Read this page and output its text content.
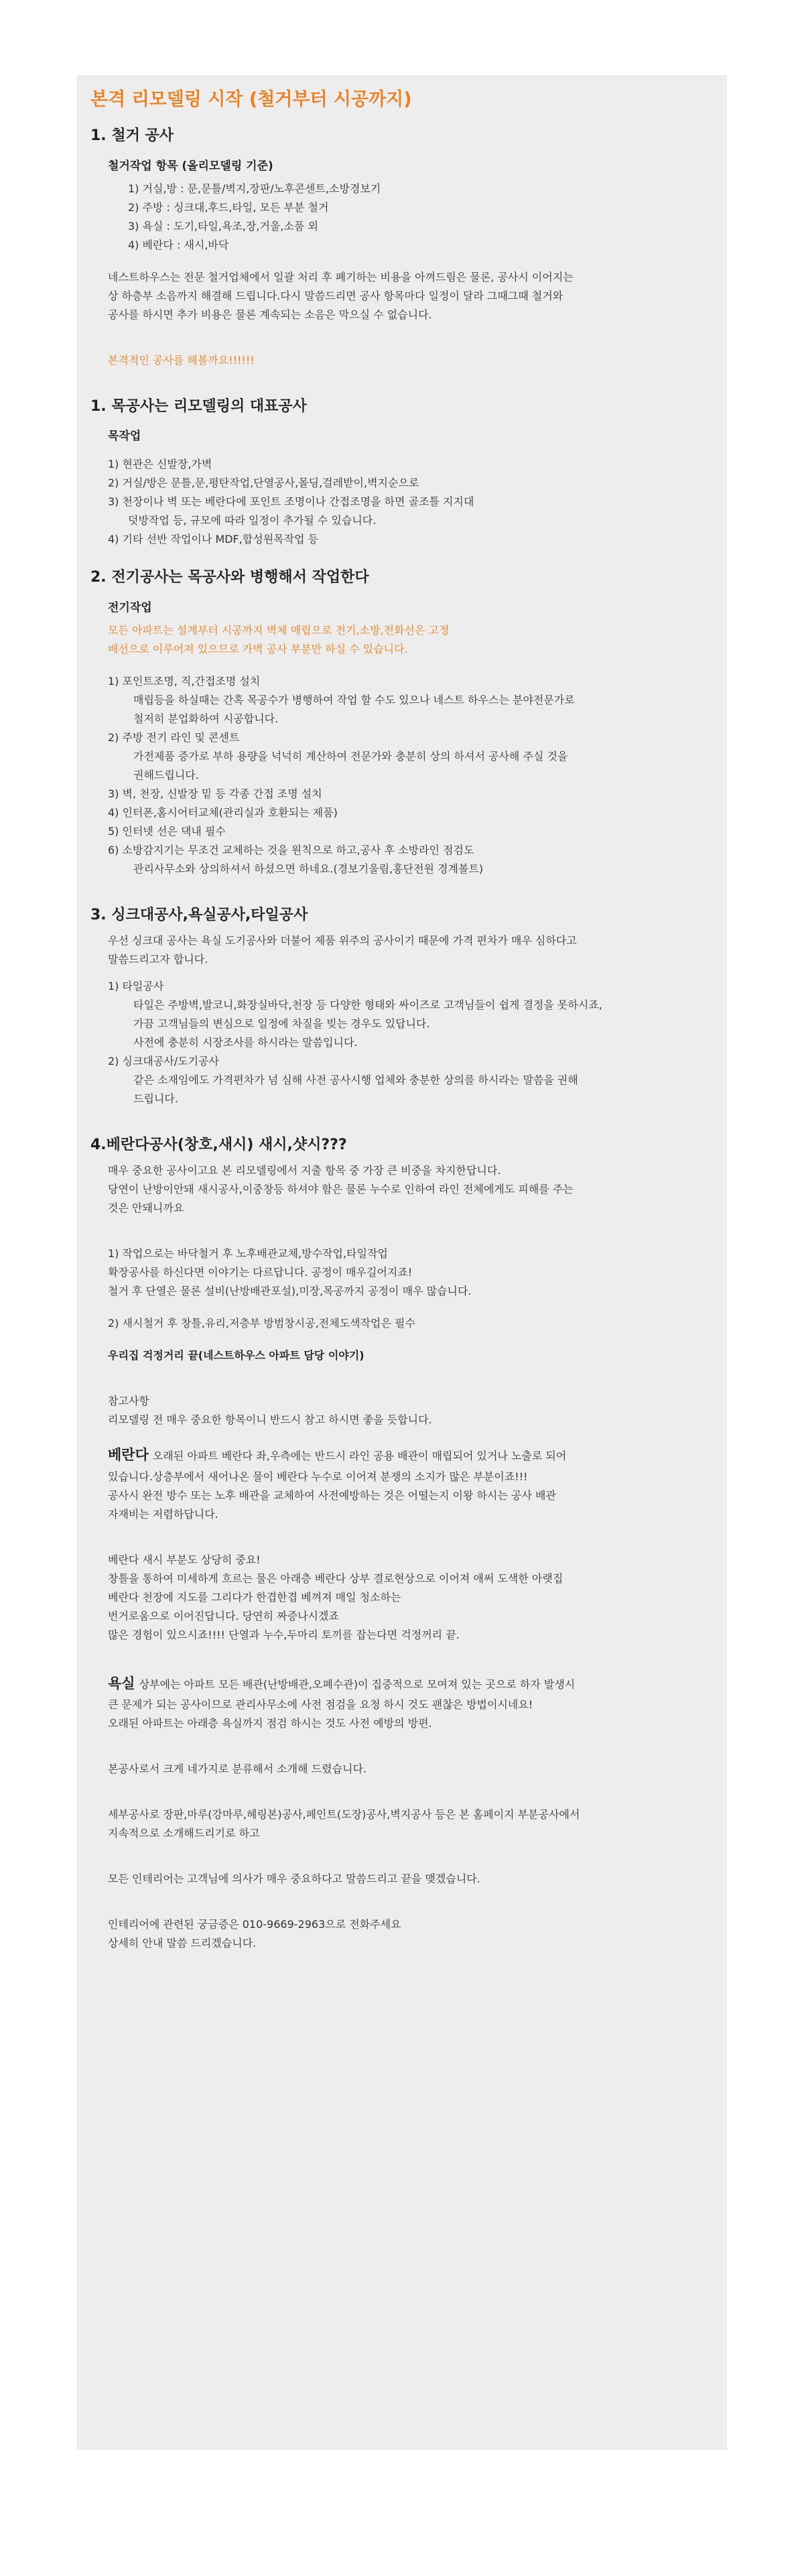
본격 리모델링 시작 (철거부터 시공까지)
1. 철거 공사
철거작업 항목 (올리모델링 기준)
1) 거실,방 : 문,문틀/벽지,장판/노후콘센트,소방경보기
2) 주방 : 싱크대,후드,타일, 모든 부분 철거
3) 욕실 : 도기,타일,욕조,장,거울,소품 외
4) 베란다 : 새시,바닥
네스트하우스는 전문 철거업체에서 일괄 처리 후 폐기하는 비용을 아껴드림은 물론, 공사시 이어지는
상 하층부 소음까지 해결해 드립니다.다시 말씀드리면 공사 항목마다 일정이 달라 그때그때 철거와
공사를 하시면 추가 비용은 물론 계속되는 소음은 막으실 수 없습니다.
본격적인 공사를 해볼까요!!!!!!
1. 목공사는 리모델링의 대표공사
목작업
1) 현관은 신발장,가벽
2) 거실/방은 문틀,문,평탄작업,단열공사,몰딩,걸레받이,벽지순으로
3) 천장이나 벽 또는 베란다에 포인트 조명이나 간접조명을 하면 골조틀 지지대
덧방작업 등, 규모에 따라 일정이 추가될 수 있습니다.
4) 기타 선반 작업이나 MDF,합성원목작업 등
2. 전기공사는 목공사와 병행해서 작업한다
전기작업
모든 아파트는 설계부터 시공까지 벽체 매립으로 전기,소방,전화선은 고정
배선으로 이루어져 있으므로 가벽 공사 부분만 하실 수 있습니다.
1) 포인트조명, 직,간접조명 설치
매립등을 하실때는 간혹 목공수가 병행하여 작업 할 수도 있으나 네스트 하우스는 분야전문가로
철저히 분업화하여 시공합니다.
2) 주방 전기 라인 및 콘센트
가전제품 증가로 부하 용량을 넉넉히 계산하여 전문가와 충분히 상의 하셔서 공사해 주실 것을
권해드립니다.
3) 벽, 천장, 신발장 밑 등 각종 간접 조명 설치
4) 인터폰,홈시어터교체(관리실과 호환되는 제품)
5) 인터넷 선은 댁내 필수
6) 소방감지기는 무조건 교체하는 것을 원칙으로 하고,공사 후 소방라인 점검도
관리사무소와 상의하셔서 하셨으면 하네요.(경보기울림,홍단전원 경계볼트)
3. 싱크대공사,욕실공사,타일공사
우선 싱크대 공사는 욕실 도기공사와 더불어 제품 위주의 공사이기 때문에 가격 편차가 매우 심하다고
말씀드리고자 합니다.
1) 타일공사
타일은 주방벽,발코니,화장실바닥,천장 등 다양한 형태와 싸이즈로 고객님들이 쉽게 결정을 못하시죠,
가끔 고객님들의 변심으로 일정에 차질을 빚는 경우도 있답니다.
사전에 충분히 시장조사를 하시라는 말씀입니다.
2) 싱크대공사/도기공사
같은 소재임에도 가격편차가 넘 심해 사전 공사시행 업체와 충분한 상의를 하시라는 말씀을 권해
드립니다.
4.베란다공사(창호,새시) 새시,샷시???
매우 중요한 공사이고요 본 리모델링에서 지출 항목 중 가장 큰 비중을 차지한답니다.
당연이 난방이안돼 새시공사,이중창등 하셔야 함은 물론 누수로 인하여 라인 전체에게도 피해를 주는
것은 안돼니까요
1) 작업으로는 바닥철거 후 노후배관교체,방수작업,타일작업
확장공사를 하신다면 이야기는 다르답니다. 공정이 매우길어지죠!
철거 후 단열은 물론 설비(난방배관포설),미장,목공까지 공정이 매우 많습니다.
2) 새시철거 후 창틀,유리,저층부 방범창시공,전체도색작업은 필수
우리집 걱정거리 끝(네스트하우스 아파트 담당 이야기)
참고사항
리모델링 전 매우 중요한 항목이니 반드시 참고 하시면 좋을 듯합니다.
베란다 오래된 아파트 베란다 좌,우측에는 반드시 라인 공용 배관이 매립되어 있거나 노출로 되어
있습니다.상층부에서 새어나온 물이 베란다 누수로 이어져 분쟁의 소지가 많은 부분이죠!!!
공사시 완전 방수 또는 노후 배관을 교체하여 사전예방하는 것은 어떨는지 이왕 하시는 공사 배관
자재비는 저렴하답니다.
베란다 새시 부분도 상당히 중요!
창틀을 통하여 미세하게 흐르는 물은 아래층 베란다 상부 결로현상으로 이어져 애써 도색한 아랫집
베란다 천장에 지도를 그리다가 한겹한겹 베껴져 매일 청소하는
번거로움으로 이어진답니다. 당연히 짜증나시겠죠
많은 경험이 있으시죠!!!! 단열과 누수,두마리 토끼를 잡는다면 걱정꺼리 끝.
욕실 상부에는 아파트 모든 배관(난방배관,오폐수관)이 집중적으로 모여져 있는 곳으로 하자 발생시
큰 문제가 되는 공사이므로 관리사무소에 사전 점검을 요청 하시 것도 괜찮은 방법이시네요!
오래된 아파트는 아래층 욕실까지 점검 하시는 것도 사전 예방의 방편.
본공사로서 크게 네가지로 분류해서 소개해 드렸습니다.
세부공사로 장판,마루(강마루,헤링본)공사,페인트(도장)공사,벽지공사 등은 본 홈페이지 부분공사에서
지속적으로 소개해드리기로 하고
모든 인테리어는 고객님에 의사가 매우 중요하다고 말씀드리고 끝을 맺겠습니다.
인테리어에 관련된 궁금증은 010-9669-2963으로 전화주세요
상세히 안내 말씀 드리겠습니다.
